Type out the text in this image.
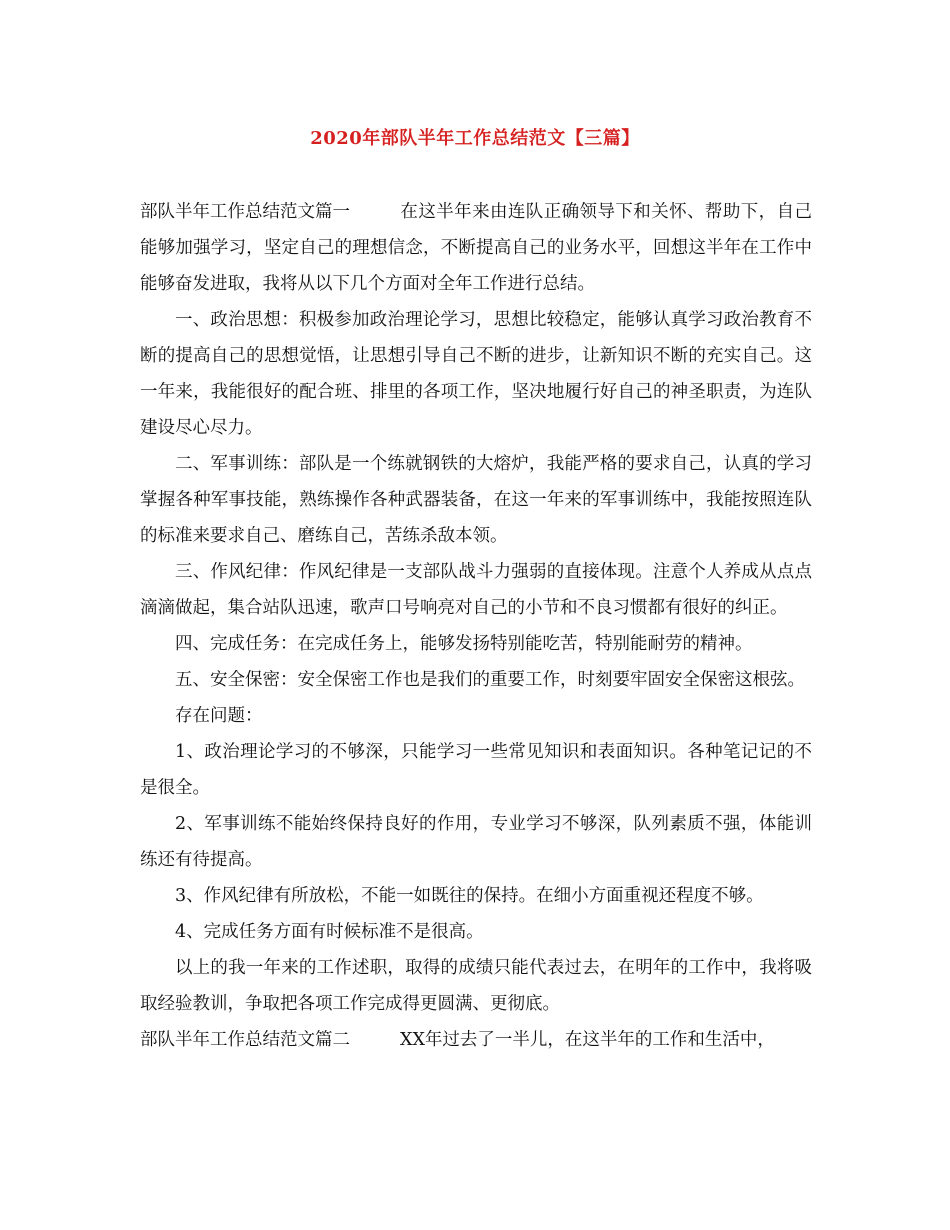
2020年部队半年工作总结范文【三篇】

部队半年工作总结范文篇一	在这半年来由连队正确领导下和关怀、帮助下，自己能够加强学习，坚定自己的理想信念，不断提高自己的业务水平，回想这半年在工作中能够奋发进取，我将从以下几个方面对全年工作进行总结。

一、政治思想：积极参加政治理论学习，思想比较稳定，能够认真学习政治教育不断的提高自己的思想觉悟，让思想引导自己不断的进步，让新知识不断的充实自己。这一年来，我能很好的配合班、排里的各项工作，坚决地履行好自己的神圣职责，为连队建设尽心尽力。

二、军事训练：部队是一个练就钢铁的大熔炉，我能严格的要求自己，认真的学习掌握各种军事技能，熟练操作各种武器装备，在这一年来的军事训练中，我能按照连队的标准来要求自己、磨练自己，苦练杀敌本领。

三、作风纪律：作风纪律是一支部队战斗力强弱的直接体现。注意个人养成从点点滴滴做起，集合站队迅速，歌声口号响亮对自己的小节和不良习惯都有很好的纠正。

四、完成任务：在完成任务上，能够发扬特别能吃苦，特别能耐劳的精神。

五、安全保密：安全保密工作也是我们的重要工作，时刻要牢固安全保密这根弦。

存在问题：

1、政治理论学习的不够深，只能学习一些常见知识和表面知识。各种笔记记的不是很全。

2、军事训练不能始终保持良好的作用，专业学习不够深，队列素质不强，体能训练还有待提高。

3、作风纪律有所放松，不能一如既往的保持。在细小方面重视还程度不够。

4、完成任务方面有时候标准不是很高。

以上的我一年来的工作述职，取得的成绩只能代表过去，在明年的工作中，我将吸取经验教训，争取把各项工作完成得更圆满、更彻底。

部队半年工作总结范文篇二	XX年过去了一半儿，在这半年的工作和生活中，
